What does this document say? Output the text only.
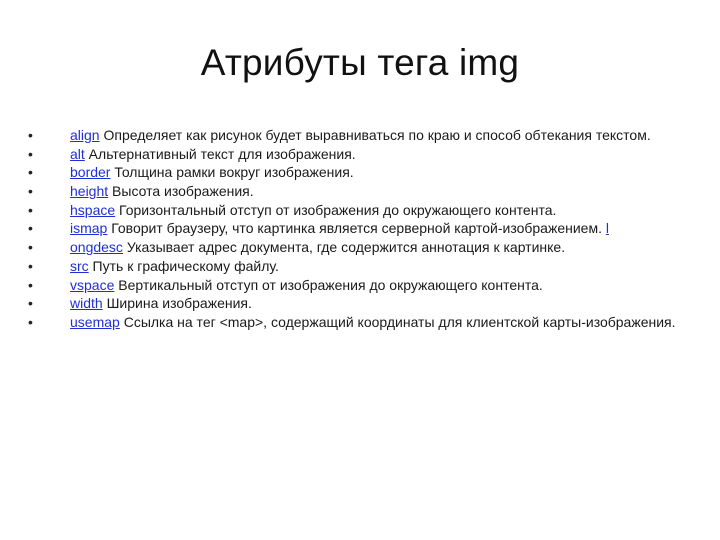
Атрибуты тега img
•	align Определяет как рисунок будет выравниваться по краю и способ обтекания текстом.
•	alt Альтернативный текст для изображения.
•	border Толщина рамки вокруг изображения.
•	height Высота изображения.
•	hspace Горизонтальный отступ от изображения до окружающего контента.
•	ismap Говорит браузеру, что картинка является серверной картой-изображением. l
•	ongdesc Указывает адрес документа, где содержится аннотация к картинке.
•	src Путь к графическому файлу.
•	vspace Вертикальный отступ от изображения до окружающего контента.
•	width Ширина изображения.
•	usemap Ссылка на тег <map>, содержащий координаты для клиентской карты-изображения.
